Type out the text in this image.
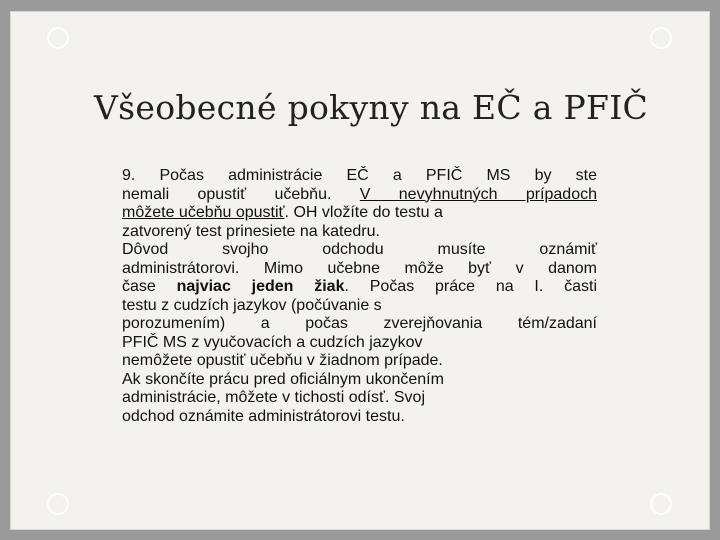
Všeobecné pokyny na EČ a PFIČ
9. Počas administrácie EČ a PFIČ MS by ste
nemali opustiť učebňu. V nevyhnutných prípadoch
môžete učebňu opustiť. OH vložíte do testu a
zatvorený test prinesiete na katedru.
Dôvod svojho odchodu musíte oznámiť
administrátorovi. Mimo učebne môže byť v danom
čase najviac jeden žiak. Počas práce na I. časti
testu z cudzích jazykov (počúvanie s
porozumením) a počas zverejňovania tém/zadaní
PFIČ MS z vyučovacích a cudzích jazykov
nemôžete opustiť učebňu v žiadnom prípade.
Ak skončíte prácu pred oficiálnym ukončením
administrácie, môžete v tichosti odísť. Svoj
odchod oznámite administrátorovi testu.
